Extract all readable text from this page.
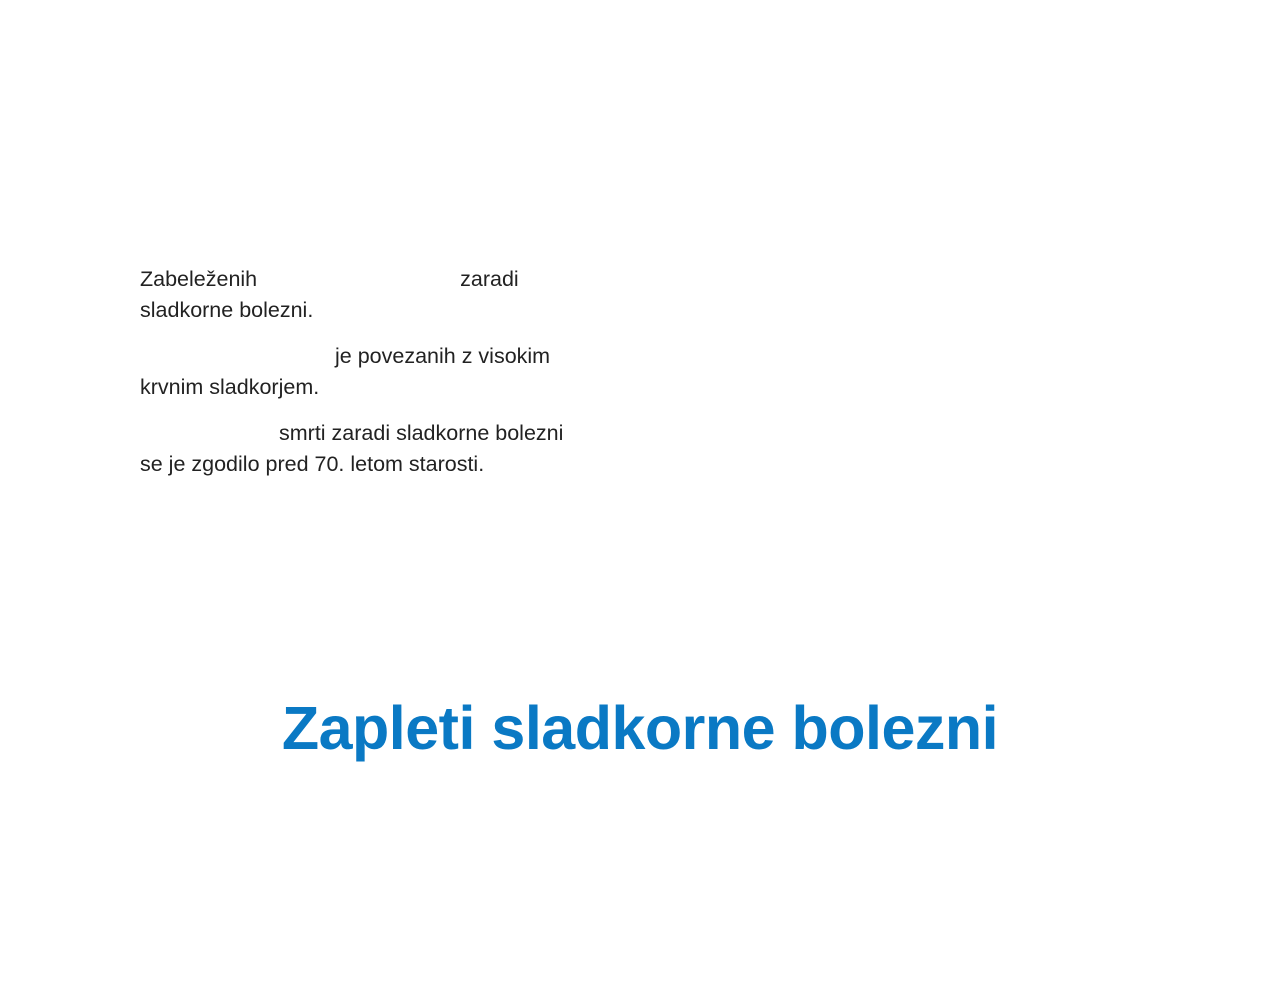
Zabeleženih	zaradi
sladkorne bolezni.

je povezanih z visokim
krvnim sladkorjem.

smrti zaradi sladkorne bolezni
se je zgodilo pred 70. letom starosti.

Zapleti sladkorne bolezni
